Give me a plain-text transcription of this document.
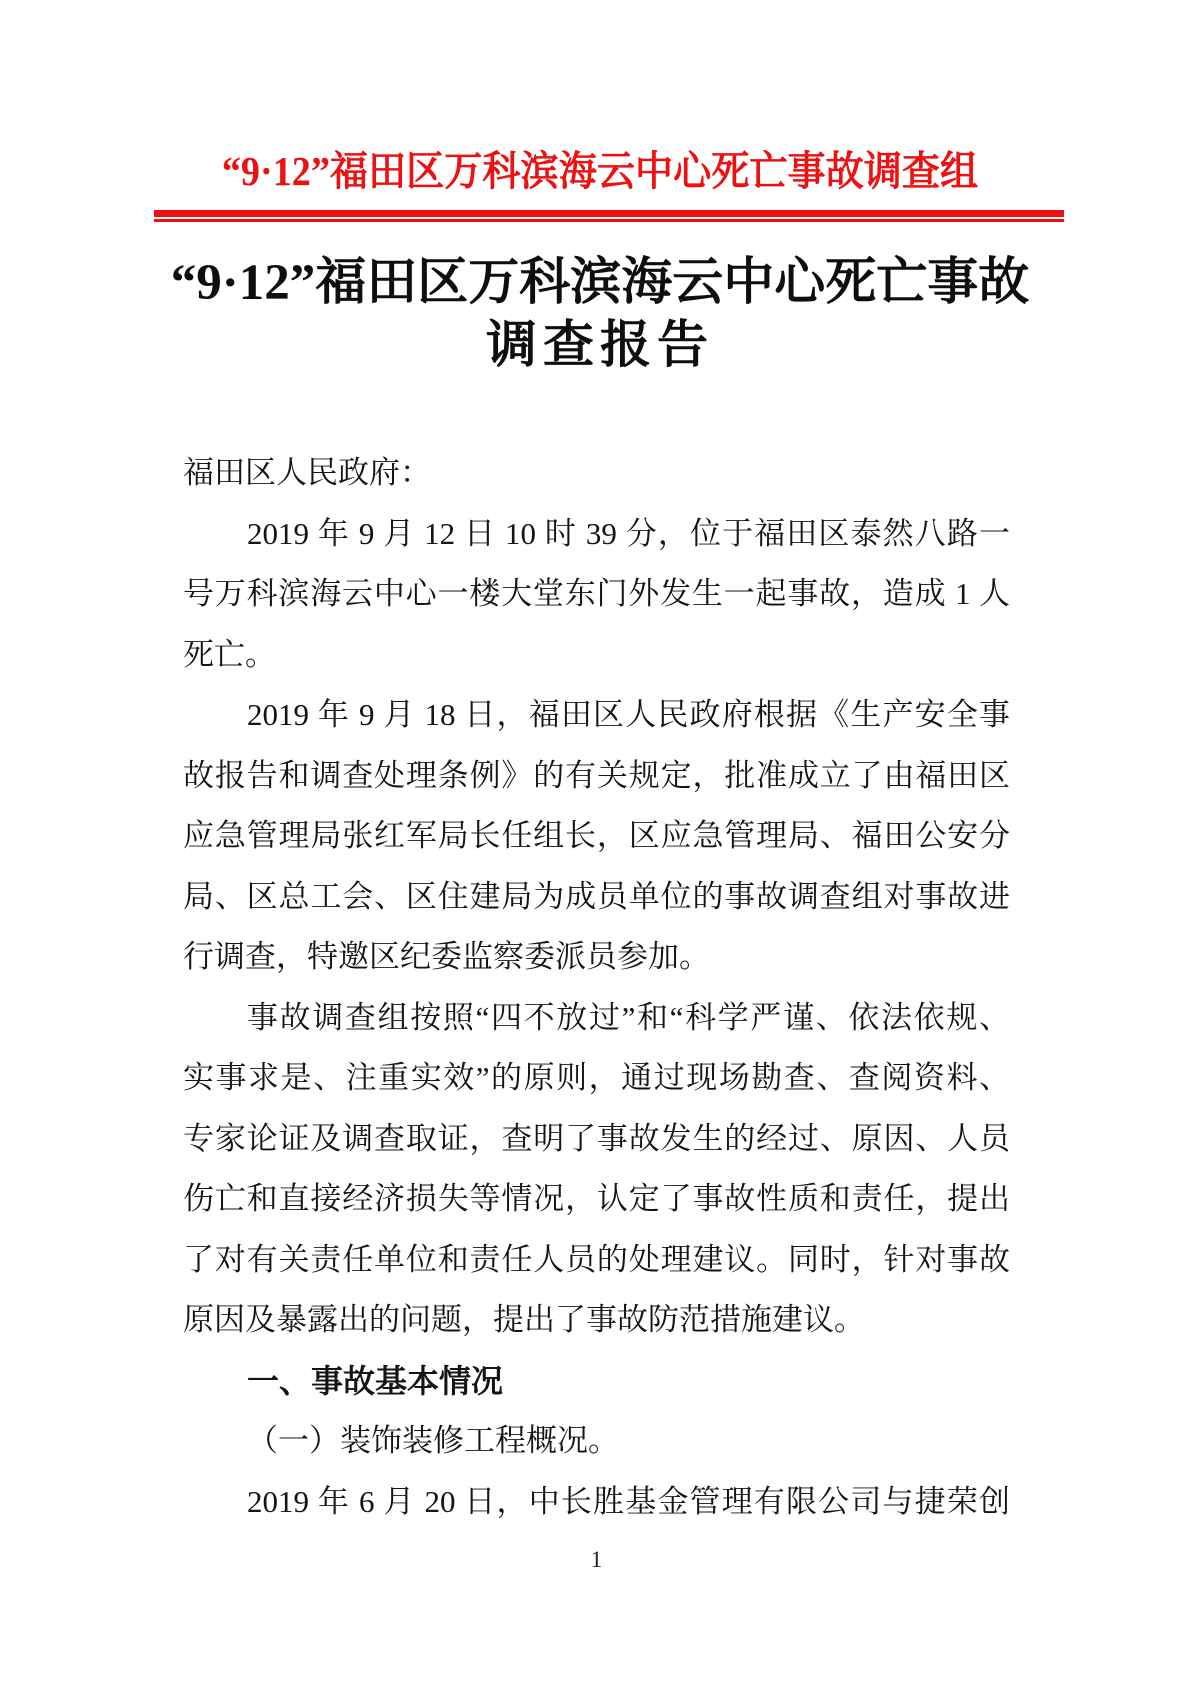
“9·12”福田区万科滨海云中心死亡事故调查组
“9·12”福田区万科滨海云中心死亡事故
调查报告
福田区人民政府：
2019 年 9 月 12 日 10 时 39 分，位于福田区泰然八路一
号万科滨海云中心一楼大堂东门外发生一起事故，造成 1 人
死亡。
2019 年 9 月 18 日，福田区人民政府根据《生产安全事
故报告和调查处理条例》的有关规定，批准成立了由福田区
应急管理局张红军局长任组长，区应急管理局、福田公安分
局、区总工会、区住建局为成员单位的事故调查组对事故进
行调查，特邀区纪委监察委派员参加。
事故调查组按照“四不放过”和“科学严谨、依法依规、
实事求是、注重实效”的原则，通过现场勘查、查阅资料、
专家论证及调查取证，查明了事故发生的经过、原因、人员
伤亡和直接经济损失等情况，认定了事故性质和责任，提出
了对有关责任单位和责任人员的处理建议。同时，针对事故
原因及暴露出的问题，提出了事故防范措施建议。
一、事故基本情况
（一）装饰装修工程概况。
2019 年 6 月 20 日，中长胜基金管理有限公司与捷荣创
1
